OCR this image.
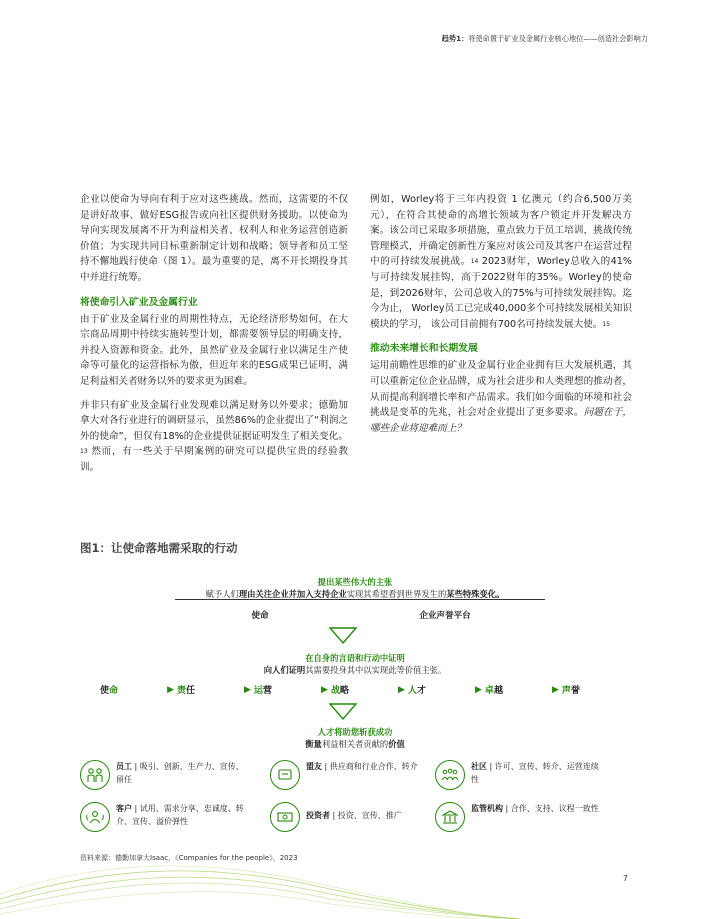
趋势1：将使命置于矿业及金属行业核心地位——创造社会影响力

企业以使命为导向有利于应对这些挑战。然而，这需要的不仅是讲好故事、做好ESG报告或向社区提供财务援助。以使命为导向实现发展离不开为利益相关者、权利人和业务运营创造新价值；为实现共同目标重新制定计划和战略；领导者和员工坚持不懈地践行使命（图 1）。最为重要的是，离不开长期投身其中并进行统筹。

将使命引入矿业及金属行业

由于矿业及金属行业的周期性特点，无论经济形势如何，在大宗商品周期中持续实施转型计划，都需要领导层的明确支持，并投入资源和资金。此外，虽然矿业及金属行业以满足生产使命等可量化的运营指标为傲，但近年来的ESG成果已证明，满足利益相关者财务以外的要求更为困难。

并非只有矿业及金属行业发现难以满足财务以外要求；德勤加拿大对各行业进行的调研显示，虽然86%的企业提出了“利润之外的使命”，但仅有18%的企业提供证据证明发生了相关变化。$^{13}$ 然而，有一些关于早期案例的研究可以提供宝贵的经验教训。

例如，Worley将于三年内投资 1 亿澳元（约合6,500万美元），在符合其使命的高增长领域为客户锁定并开发解决方案。该公司已采取多项措施，重点致力于员工培训，挑战传统管理模式，并确定创新性方案应对该公司及其客户在运营过程中的可持续发展挑战。$^{14}$ 2023财年，Worley总收入的41%与可持续发展挂钩，高于2022财年的35%。Worley的使命是，到2026财年，公司总收入的75%与可持续发展挂钩。迄今为止， Worley员工已完成40,000多个可持续发展相关知识模块的学习， 该公司目前拥有700名可持续发展大使。$^{15}$

推动未来增长和长期发展

运用前瞻性思维的矿业及金属行业企业拥有巨大发展机遇，其可以重新定位企业品牌，成为社会进步和人类理想的推动者，从而提高利润增长率和产品需求。我们如今面临的环境和社会挑战是变革的先兆，社会对企业提出了更多要求。问题在于，哪些企业将迎难而上？

图1：让使命落地需采取的行动
提出某些伟大的主张
赋予人们理由关注企业并加入支持企业实现其希望看到世界发生的某些特殊变化。
使命	企业声誉平台
在自身的言语和行动中证明
向人们证明其需要投身其中以实现此等价值主张。
使 命	▶ 责 任	▶ 运 营	▶ 战 略	▶ 人 才	▶ 卓 越	▶ 声 誉
人才将助您斩获成功
衡量利益相关者贡献的价值
员工 | 吸引、创新、生产力、宣传、留任
盟友 | 供应商和行业合作、转介	社区 | 许可、宣传、转介、运营连续性
客户 | 试用、需求分享、忠诚度、转介、宣传、溢价弹性
投资者 | 投资、宣传、推广
监管机构 | 合作、支持、议程一致性
资料来源：德勤加拿大Isaac，《Companies for the people》，2023
7
